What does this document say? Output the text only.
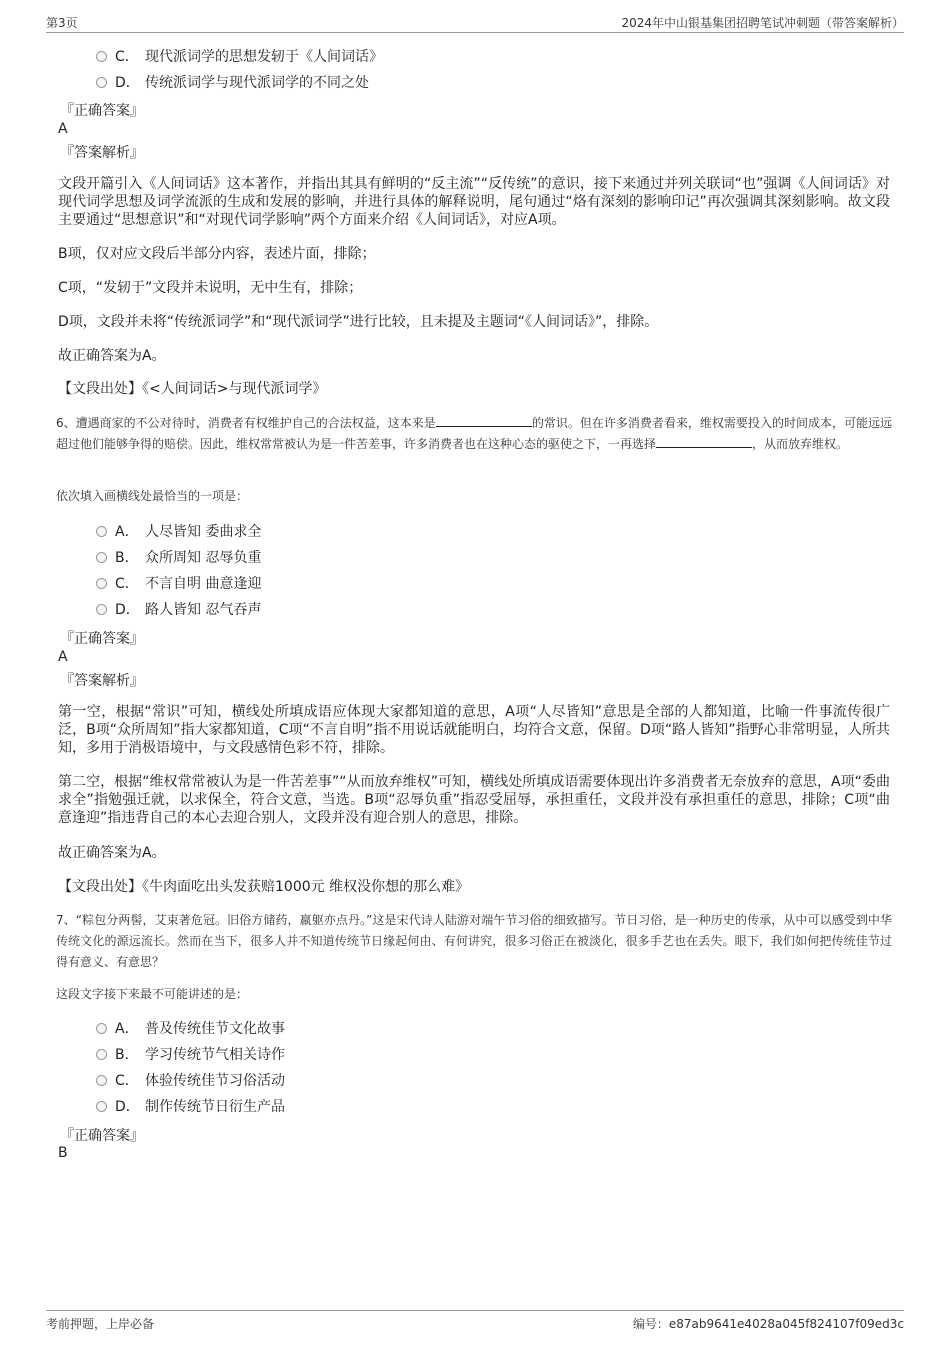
第3页	2024年中山银基集团招聘笔试冲刺题（带答案解析）
C． 现代派词学的思想发轫于《人间词话》
D． 传统派词学与现代派词学的不同之处
『正确答案』
A
『答案解析』
文段开篇引入《人间词话》这本著作，并指出其具有鲜明的“反主流”“反传统”的意识，接下来通过并列关联词“也”强调《人间词话》对现代词学思想及词学流派的生成和发展的影响，并进行具体的解释说明，尾句通过“烙有深刻的影响印记”再次强调其深刻影响。故文段主要通过“思想意识”和“对现代词学影响”两个方面来介绍《人间词话》，对应A项。
B项，仅对应文段后半部分内容，表述片面，排除；
C项，“发轫于”文段并未说明，无中生有，排除；
D项，文段并未将“传统派词学”和“现代派词学”进行比较，且未提及主题词“《人间词话》”，排除。
故正确答案为A。
【文段出处】《<人间词话>与现代派词学》
6、遭遇商家的不公对待时，消费者有权维护自己的合法权益，这本来是	的常识。但在许多消费者看来，维权需要投入的时间成本，可能远远超过他们能够争得的赔偿。因此，维权常常被认为是一件苦差事，许多消费者也在这种心态的驱使之下，一再选择	，从而放弃维权。
依次填入画横线处最恰当的一项是：
A． 人尽皆知 委曲求全
B． 众所周知 忍辱负重
C． 不言自明 曲意逢迎
D． 路人皆知 忍气吞声
『正确答案』
A
『答案解析』
第一空，根据“常识”可知，横线处所填成语应体现大家都知道的意思，A项“人尽皆知”意思是全部的人都知道，比喻一件事流传很广泛，B项“众所周知”指大家都知道，C项“不言自明”指不用说话就能明白，均符合文意，保留。D项“路人皆知”指野心非常明显，人所共知，多用于消极语境中，与文段感情色彩不符，排除。
第二空，根据“维权常常被认为是一件苦差事”“从而放弃维权”可知，横线处所填成语需要体现出许多消费者无奈放弃的意思，A项“委曲求全”指勉强迁就，以求保全，符合文意，当选。B项“忍辱负重”指忍受屈辱，承担重任，文段并没有承担重任的意思，排除；C项“曲意逢迎”指违背自己的本心去迎合别人，文段并没有迎合别人的意思，排除。
故正确答案为A。
【文段出处】《牛肉面吃出头发获赔1000元 维权没你想的那么难》
7、“粽包分两髻，艾束著危冠。旧俗方储药，羸躯亦点丹。”这是宋代诗人陆游对端午节习俗的细致描写。节日习俗，是一种历史的传承，从中可以感受到中华传统文化的源远流长。然而在当下，很多人并不知道传统节日缘起何由、有何讲究，很多习俗正在被淡化，很多手艺也在丢失。眼下，我们如何把传统佳节过得有意义、有意思？
这段文字接下来最不可能讲述的是：
A． 普及传统佳节文化故事
B． 学习传统节气相关诗作
C． 体验传统佳节习俗活动
D． 制作传统节日衍生产品
『正确答案』
B
考前押题，上岸必备	编号：e87ab9641e4028a045f824107f09ed3c
